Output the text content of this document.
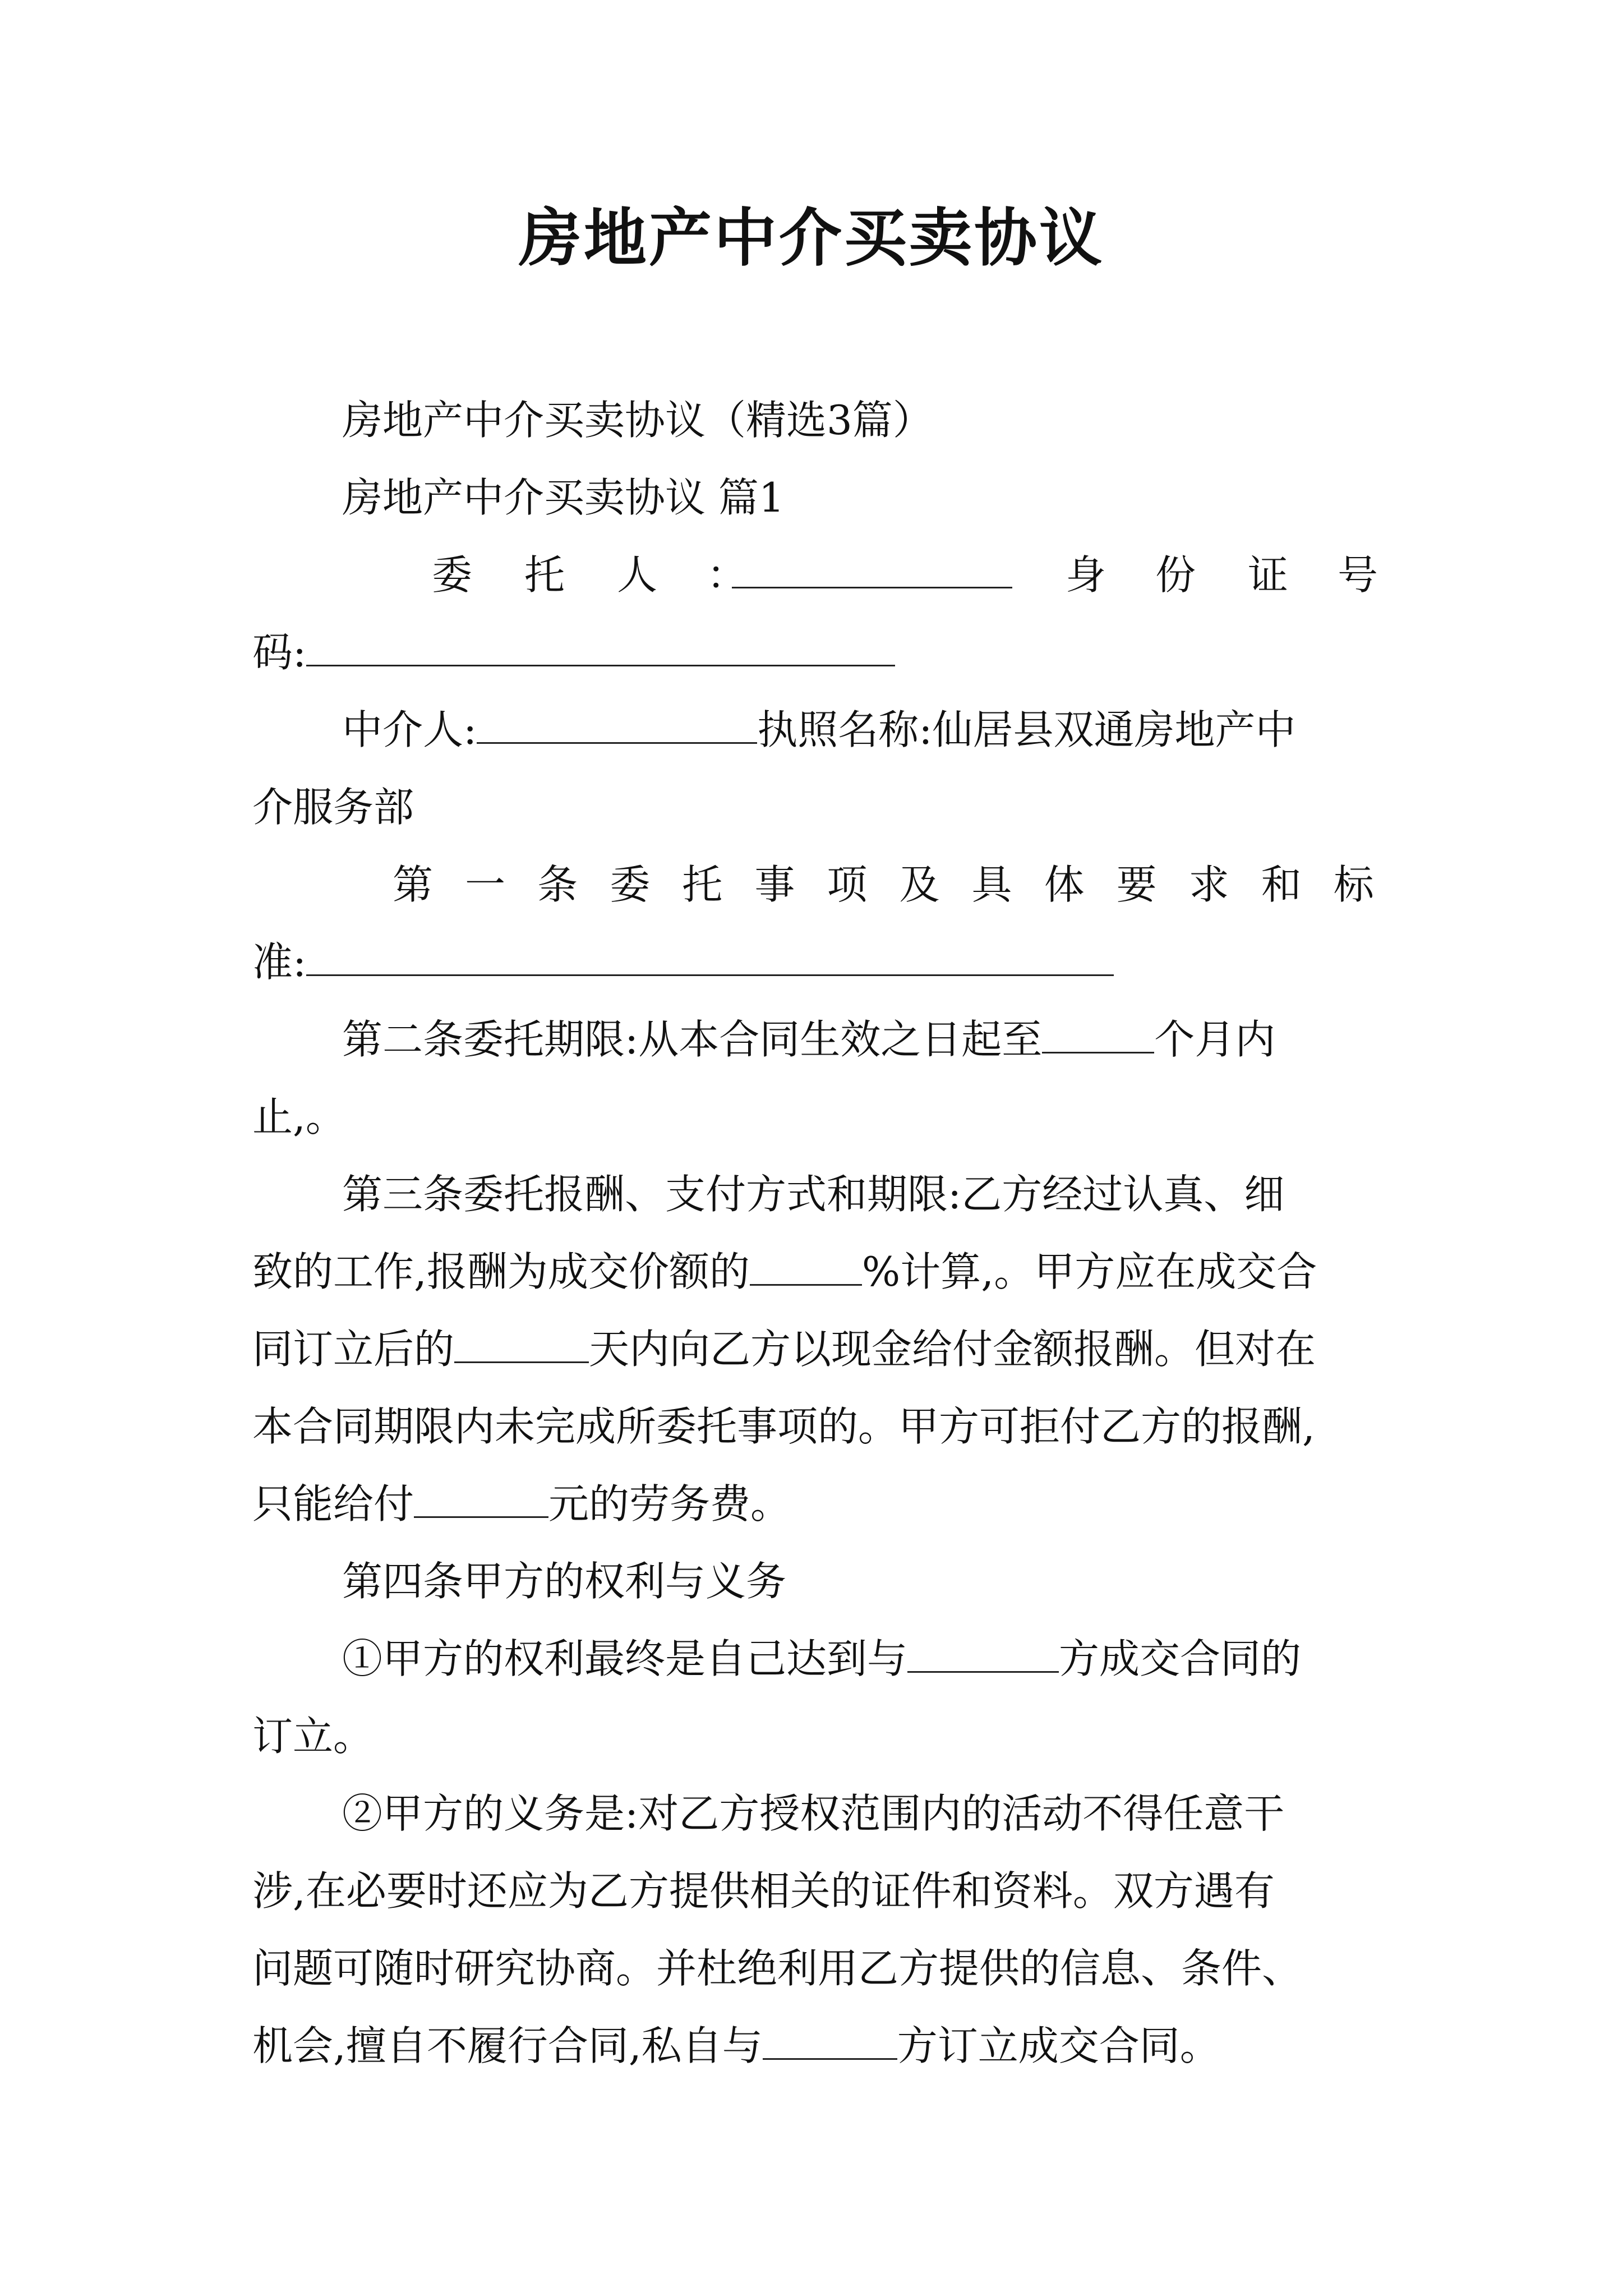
房地产中介买卖协议
房地产中介买卖协议（精选3篇）
房地产中介买卖协议 篇1
委 托 人 ：	身 份 证 号
码:
中介人:	执照名称:仙居县双通房地产中
介服务部
第 一 条 委 托 事 项 及 具 体 要 求 和 标
准:
第二条委托期限:从本合同生效之日起至	个月内
止,。
第三条委托报酬、支付方式和期限:乙方经过认真、细
致的工作,报酬为成交价额的	%计算,。甲方应在成交合
同订立后的	天内向乙方以现金给付金额报酬。但对在
本合同期限内未完成所委托事项的。甲方可拒付乙方的报酬,
只能给付	元的劳务费。
第四条甲方的权利与义务
①甲方的权利最终是自己达到与	方成交合同的
订立。
②甲方的义务是:对乙方授权范围内的活动不得任意干
涉,在必要时还应为乙方提供相关的证件和资料。双方遇有
问题可随时研究协商。并杜绝利用乙方提供的信息、条件、
机会,擅自不履行合同,私自与	方订立成交合同。
